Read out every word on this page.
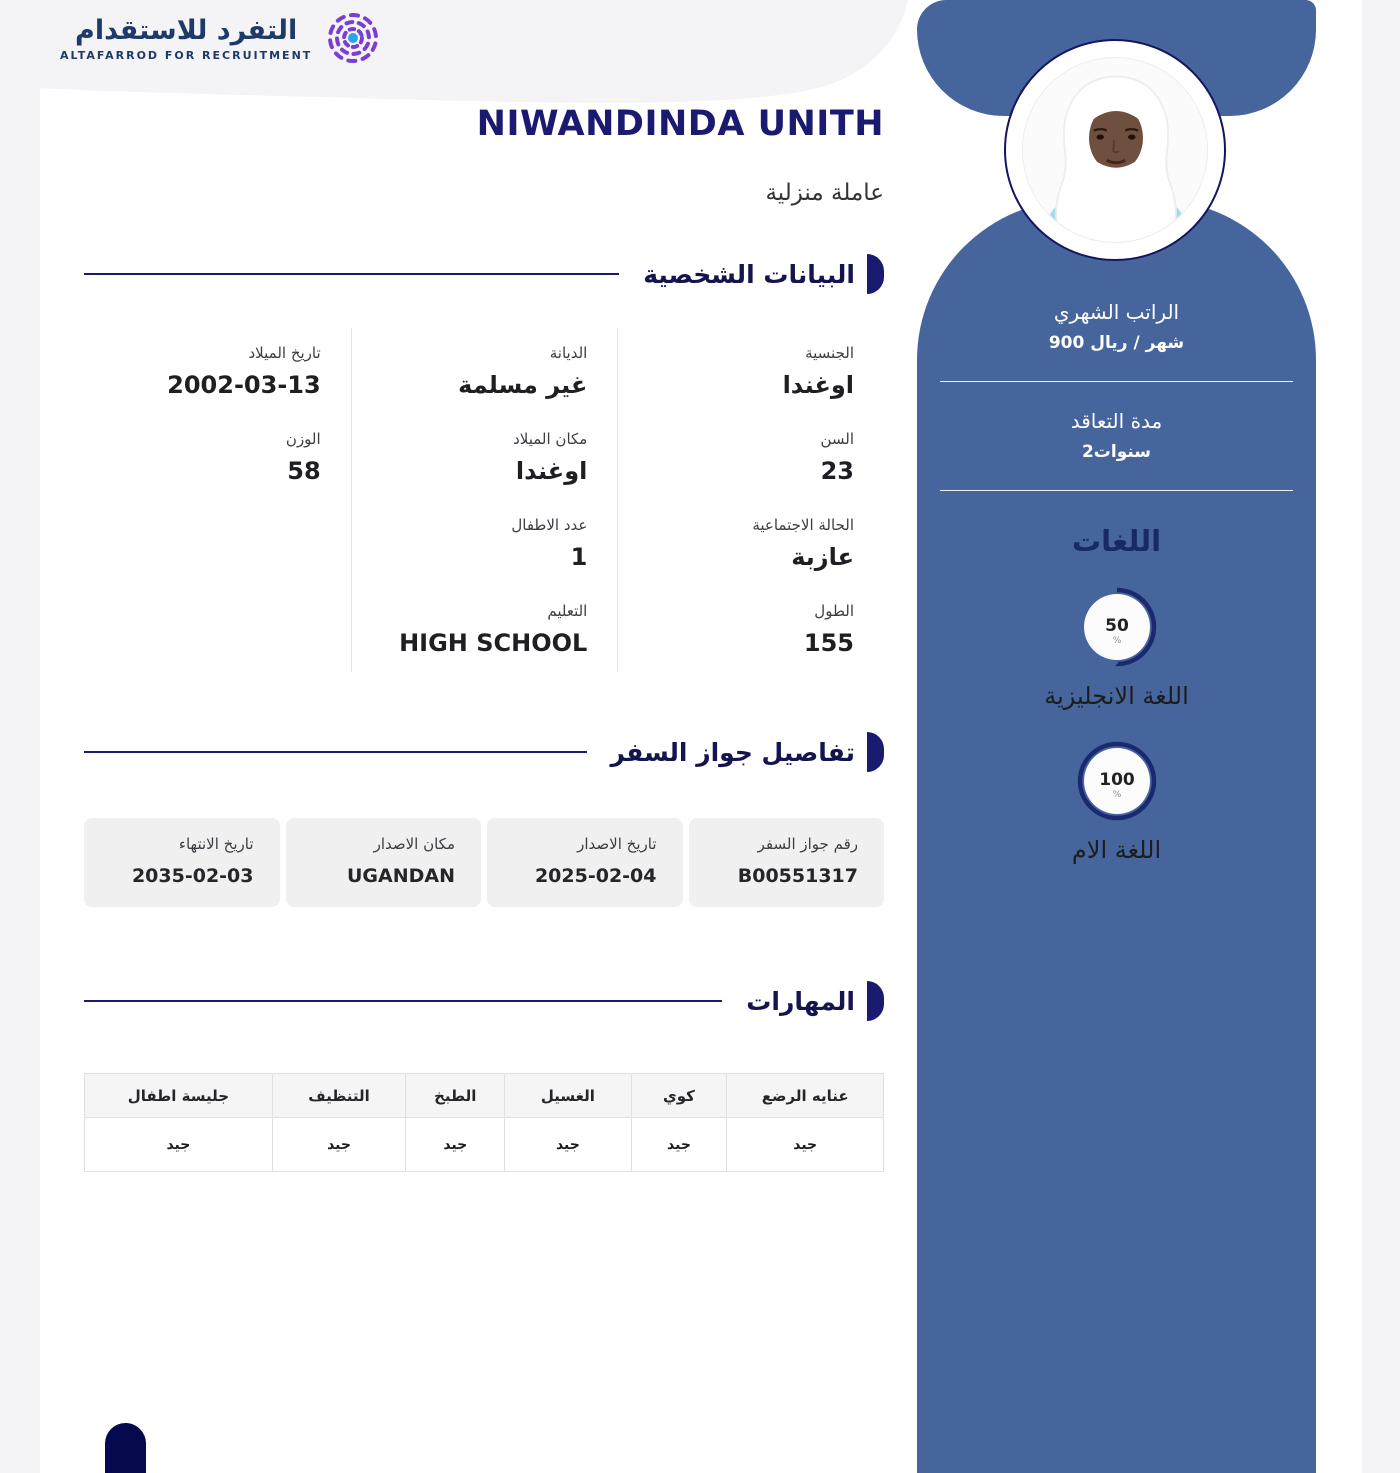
التفرد للاستقدام
ALTAFARROD FOR RECRUITMENT
NIWANDINDA UNITH
عاملة منزلية
البيانات الشخصية
الجنسية
اوغندا
الديانة
غير مسلمة
تاريخ الميلاد
2002-03-13
السن
23
مكان الميلاد
اوغندا
الوزن
58
الحالة الاجتماعية
عازبة
عدد الاطفال
1
الطول
155
التعليم
HIGH SCHOOL
تفاصيل جواز السفر
رقم جواز السفر
B00551317
تاريخ الاصدار
2025-02-04
مكان الاصدار
UGANDAN
تاريخ الانتهاء
2035-02-03
المهارات
عنايه الرضع	كوي	الغسيل	الطبخ	التنظيف	جليسة اطفال
جيد	جيد	جيد	جيد	جيد	جيد
الراتب الشهري
900 ريال / شهر
مدة التعاقد
2سنوات
اللغات
50
%
اللغة الانجليزية
100
%
اللغة الام
